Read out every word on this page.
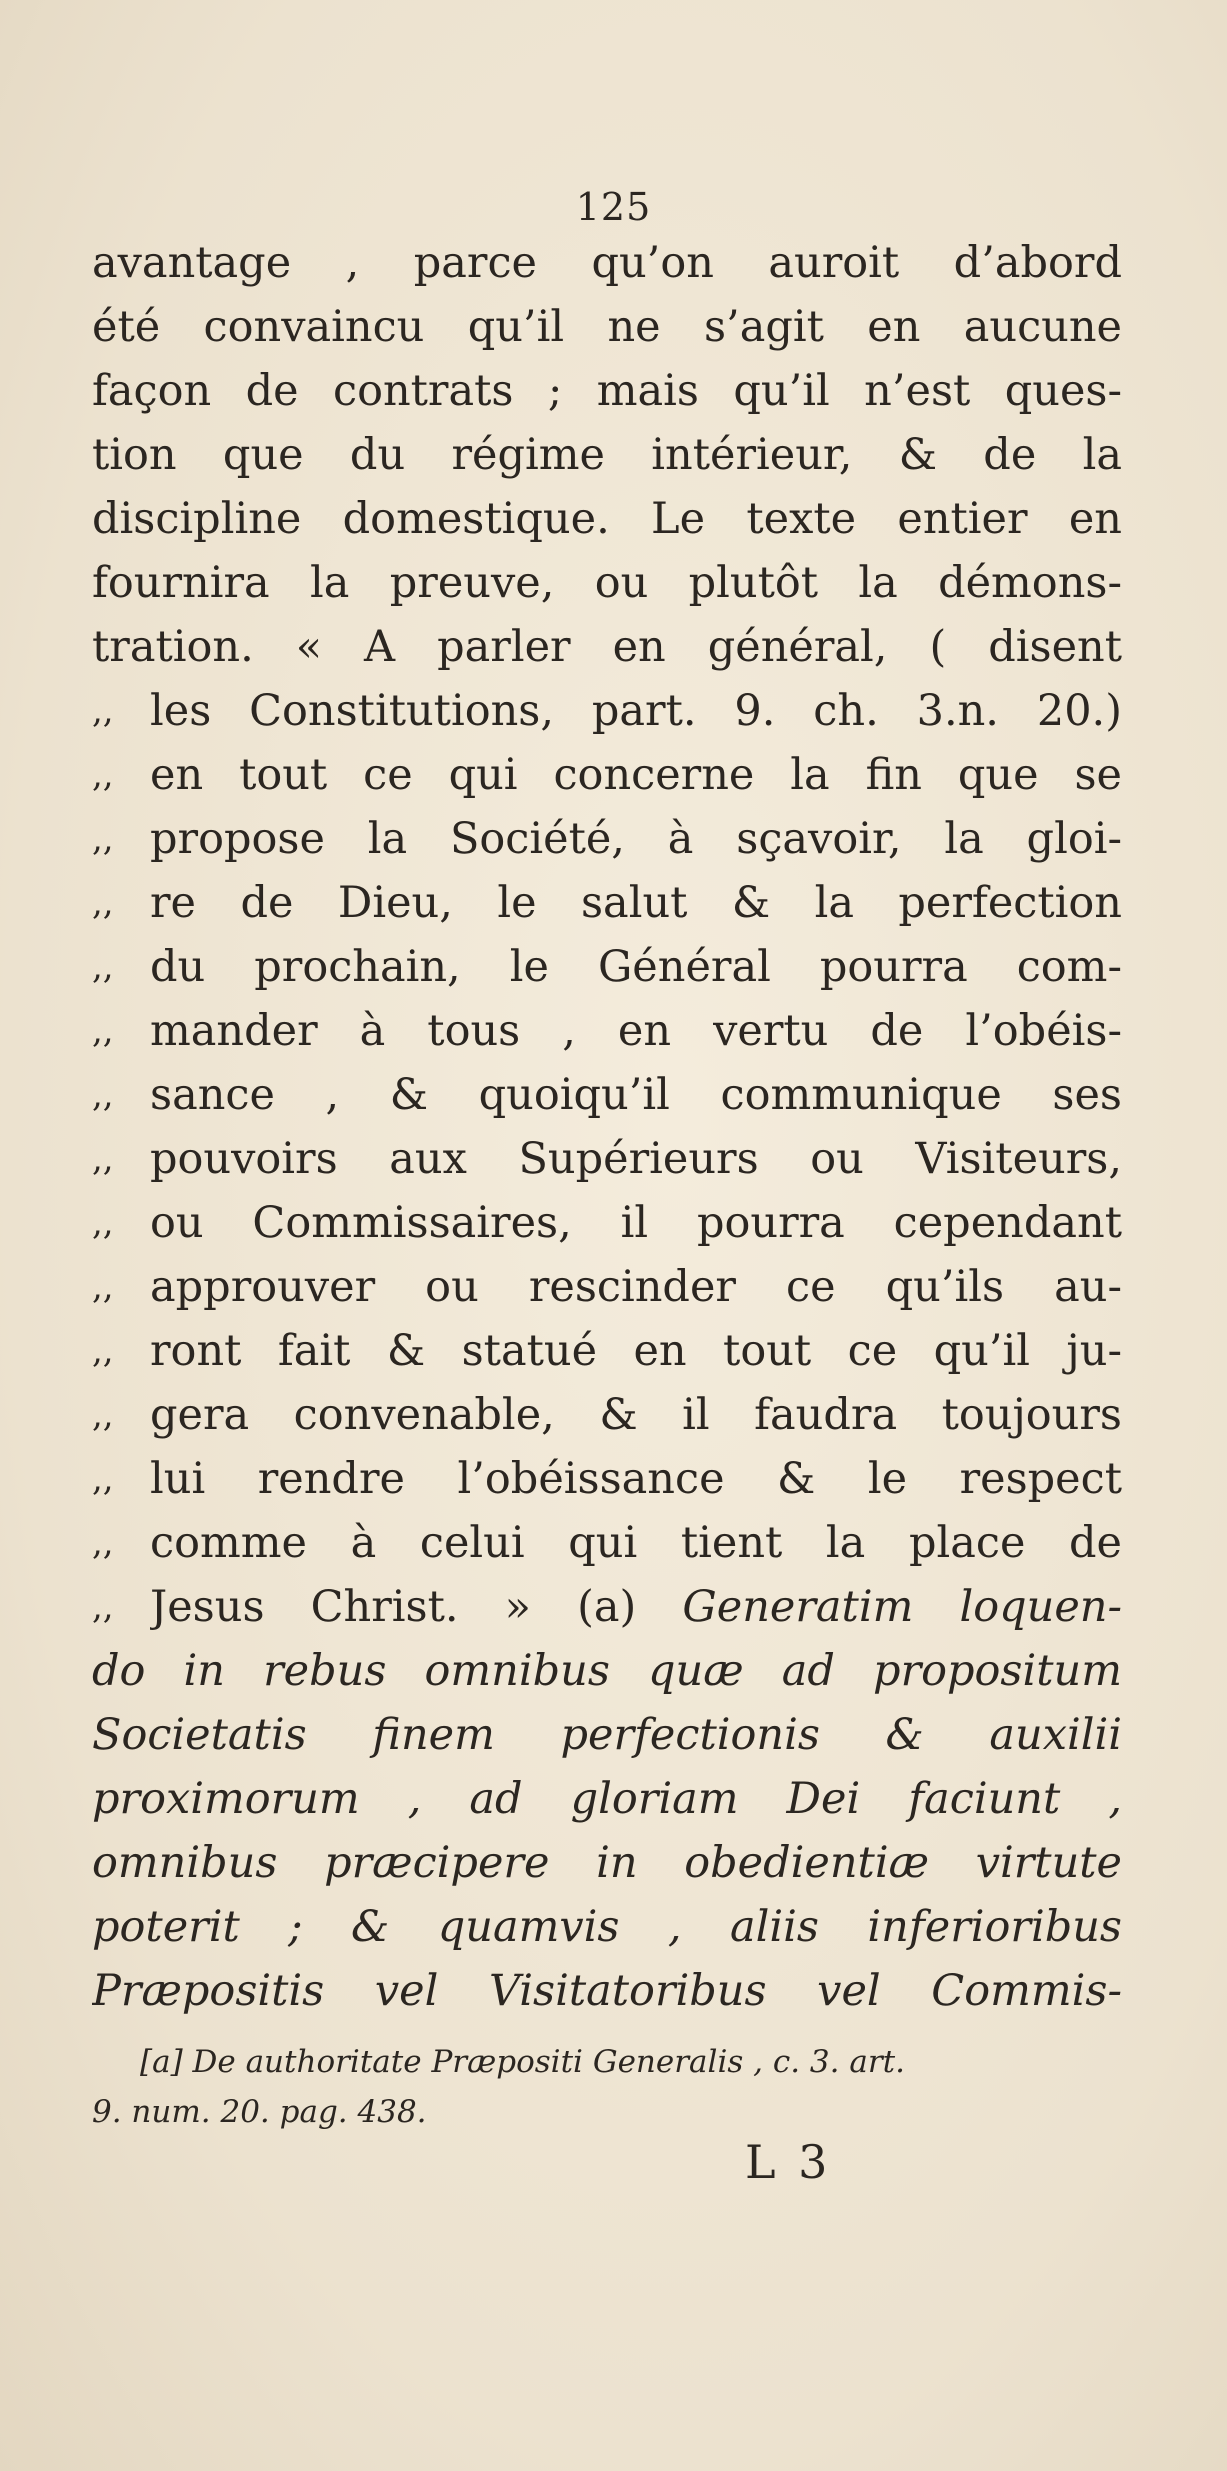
125
avantage , parce qu’on auroit d’abord
été convaincu qu’il ne s’agit en aucune
façon de contrats ; mais qu’il n’est ques-
tion que du régime intérieur, & de la
discipline domestique. Le texte entier en
fournira la preuve, ou plutôt la démons-
tration. « A parler en général, ( disent
,, les Constitutions, part. 9. ch. 3.n. 20.)
,, en tout ce qui concerne la fin que se
,, propose la Société, à sçavoir, la gloi-
,, re de Dieu, le salut & la perfection
,, du prochain, le Général pourra com-
,, mander à tous , en vertu de l’obéis-
,, sance , & quoiqu’il communique ses
,, pouvoirs aux Supérieurs ou Visiteurs,
,, ou Commissaires, il pourra cependant
,, approuver ou rescinder ce qu’ils au-
,, ront fait & statué en tout ce qu’il ju-
,, gera convenable, & il faudra toujours
,, lui rendre l’obéissance & le respect
,, comme à celui qui tient la place de
,, Jesus Christ. » (a) Generatim loquen-
do in rebus omnibus quæ ad propositum
Societatis finem perfectionis & auxilii
proximorum , ad gloriam Dei faciunt ,
omnibus præcipere in obedientiæ virtute
poterit ; & quamvis , aliis inferioribus
Præpositis vel Visitatoribus vel Commis-
[a] De authoritate Præpositi Generalis , c. 3. art.
9. num. 20. pag. 438.
L 3
